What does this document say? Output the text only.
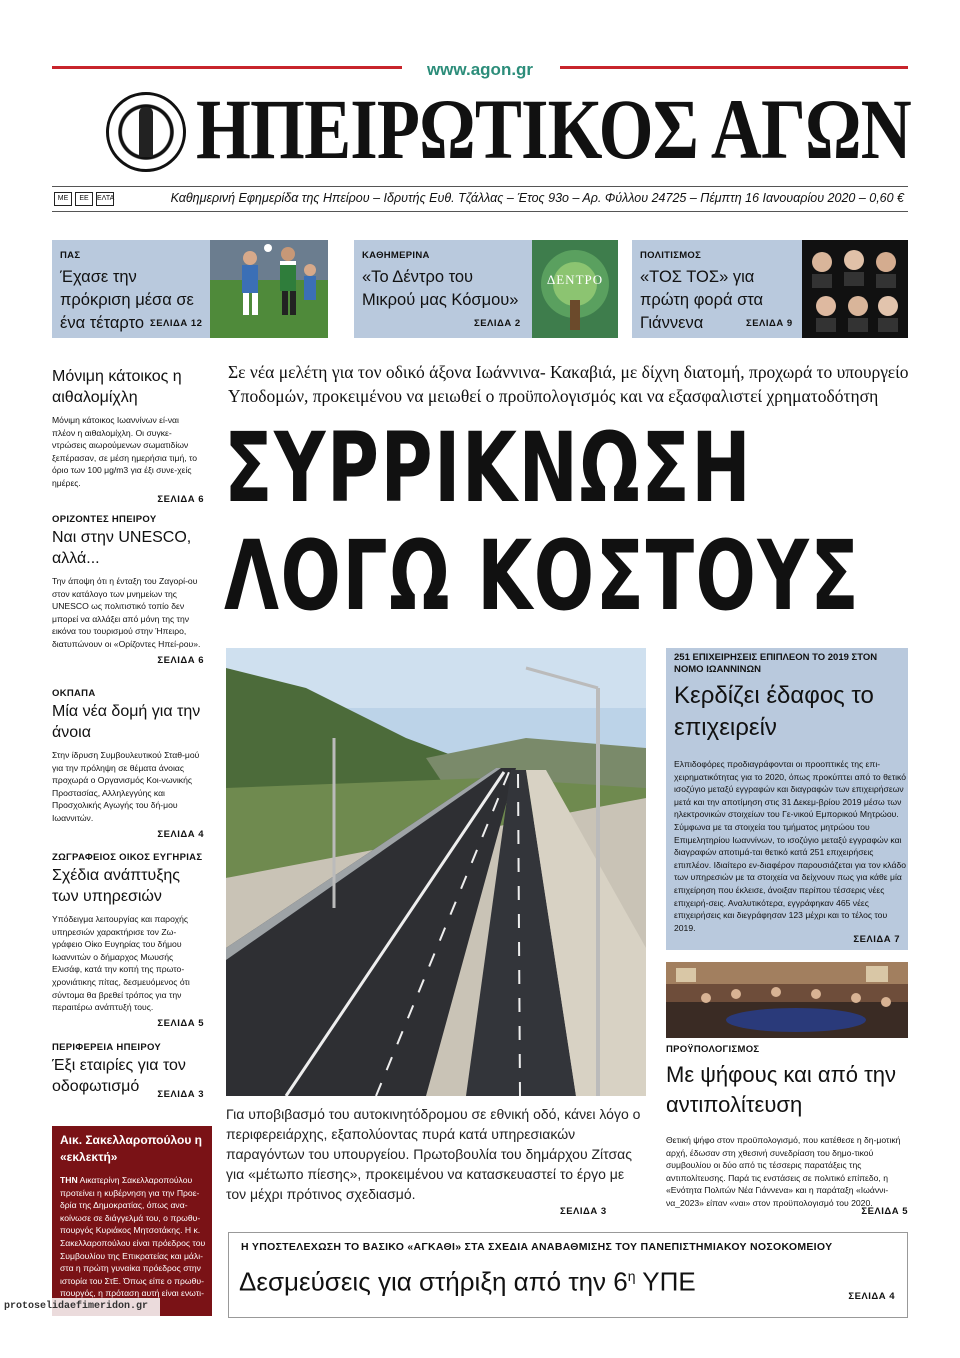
www.agon.gr
ΗΠΕΙΡΩΤΙΚΟΣ ΑΓΩΝ
ΜΕ	ΕΕ	ΕΛΤΑ	Καθημερινή Εφημερίδα της Ηπείρου – Ιδρυτής Ευθ. Τζάλλας – Έτος 93ο – Αρ. Φύλλου 24725 – Πέμπτη 16 Ιανουαρίου 2020 – 0,60 €
ΠΑΣ
Έχασε την πρόκριση μέσα σε ένα τέταρτο ΣΕΛΙΔΑ 12
ΚΑΘΗΜΕΡΙΝΑ
«Το Δέντρο του Μικρού μας Κόσμου»
ΣΕΛΙΔΑ 2
ΔΕΝΤΡΟ
ΠΟΛΙΤΙΣΜΟΣ
«ΤΟΣ ΤΟΣ» για πρώτη φορά στα Γιάννενα	ΣΕΛΙΔΑ 9
Μόνιμη κάτοικος η αιθαλομίχλη
Μόνιμη κάτοικος Ιωαννίνων εί-ναι πλέον η αιθαλομίχλη. Οι συγκε-ντρώσεις αιωρούμενων σωματιδίων ξεπέρασαν, σε μέση ημερήσια τιμή, το όριο των 100 μg/m3 για έξι συνε-χείς ημέρες.
ΣΕΛΙΔΑ 6
ΟΡΙΖΟΝΤΕΣ ΗΠΕΙΡΟΥ
Ναι στην UNESCO, αλλά...
Την άποψη ότι η ένταξη του Ζαγορί-ου στον κατάλογο των μνημείων της UNESCO ως πολιτιστικό τοπίο δεν μπορεί να αλλάξει από μόνη της την εικόνα του τουρισμού στην Ήπειρο, διατυπώνουν οι «Ορίζοντες Ηπεί-ρου».
ΣΕΛΙΔΑ 6
ΟΚΠΑΠΑ
Μία νέα δομή για την άνοια
Στην ίδρυση Συμβουλευτικού Σταθ-μού για την πρόληψη σε θέματα άνοιας προχωρά ο Οργανισμός Κοι-νωνικής Προστασίας, Αλληλεγγύης και Προσχολικής Αγωγής του δή-μου Ιωαννιτών.
ΣΕΛΙΔΑ 4
ΖΩΓΡΑΦΕΙΟΣ ΟΙΚΟΣ ΕΥΓΗΡΙΑΣ
Σχέδια ανάπτυξης των υπηρεσιών
Υπόδειγμα λειτουργίας και παροχής υπηρεσιών χαρακτήρισε τον Ζω-γράφειο Οίκο Ευγηρίας του δήμου Ιωαννιτών ο δήμαρχος Μωυσής Ελισάφ, κατά την κοπή της πρωτο-χρονιάτικης πίτας, δεσμευόμενος ότι σύντομα θα βρεθεί τρόπος για την περαιτέρω ανάπτυξή τους.
ΣΕΛΙΔΑ 5
ΠΕΡΙΦΕΡΕΙΑ ΗΠΕΙΡΟΥ
Έξι εταιρίες για τον οδοφωτισμό	ΣΕΛΙΔΑ 3
Σε νέα μελέτη για τον οδικό άξονα Ιωάννινα- Κακαβιά, με δίχνη διατομή, προχωρά το υπουργείο Υποδομών, προκειμένου να μειωθεί ο προϋπολογισμός και να εξασφαλιστεί χρηματοδότηση
ΣΥΡΡΙΚΝΩΣΗ
ΛΟΓΩ ΚΟΣΤΟΥΣ
Για υποβιβασμό του αυτοκινητόδρομου σε εθνική οδό, κάνει λόγο ο περιφερειάρχης, εξαπολύοντας πυρά κατά υπηρεσιακών παραγόντων του υπουργείου. Πρωτοβουλία του δημάρχου Ζίτσας για «μέτωπο πίεσης», προκειμένου να κατασκευαστεί το έργο με τον μέχρι πρότινος σχεδιασμό.
ΣΕΛΙΔΑ 3
251 ΕΠΙΧΕΙΡΗΣΕΙΣ ΕΠΙΠΛΕΟΝ ΤΟ 2019 ΣΤΟΝ ΝΟΜΟ ΙΩΑΝΝΙΝΩΝ
Κερδίζει έδαφος το επιχειρείν
Ελπιδοφόρες προδιαγράφονται οι προοπτικές της επι-χειρηματικότητας για το 2020, όπως προκύπτει από το θετικό ισοζύγιο μεταξύ εγγραφών και διαγραφών των επιχειρήσεων μετά και την αποτίμηση στις 31 Δεκεμ-βρίου 2019 μέσω των ηλεκτρονικών στοιχείων του Γε-νικού Εμπορικού Μητρώου. Σύμφωνα με τα στοιχεία του τμήματος μητρώου του Επιμελητηρίου Ιωαννίνων, το ισοζύγιο μεταξύ εγγραφών και διαγραφών αποτιμά-ται θετικό κατά 251 επιχειρήσεις επιπλέον. Ιδιαίτερο εν-διαφέρον παρουσιάζεται για τον κλάδο των υπηρεσιών με τα στοιχεία να δείχνουν πως για κάθε μία επιχείρηση που έκλεισε, άνοιξαν περίπου τέσσερις νέες επιχειρή-σεις. Αναλυτικότερα, εγγράφηκαν 465 νέες επιχειρήσεις και διεγράφησαν 123 μέχρι και το τέλος του 2019.
ΣΕΛΙΔΑ 7
ΠΡΟΫΠΟΛΟΓΙΣΜΟΣ
Με ψήφους και από την αντιπολίτευση
Θετική ψήφο στον προϋπολογισμό, που κατέθεσε η δη-μοτική αρχή, έδωσαν στη χθεσινή συνεδρίαση του δημο-τικού συμβουλίου οι δύο από τις τέσσερις παρατάξεις της αντιπολίτευσης. Παρά τις ενστάσεις σε πολιτικό επίπεδο, η «Ενότητα Πολιτών Νέα Γιάννενα» και η παράταξη «Ιωάννι-να_2023» είπαν «ναι» στον προϋπολογισμό του 2020.
ΣΕΛΙΔΑ 5
Αικ. Σακελλαροπούλου η «εκλεκτή»
ΤΗΝ Αικατερίνη Σακελλαροπούλου προτείνει η κυβέρνηση για την Προε-δρία της Δημοκρατίας, όπως ανα-κοίνωσε σε διάγγελμά του, ο πρωθυ-πουργός Κυριάκος Μητσοτάκης. Η κ. Σακελλαροπούλου είναι πρόεδρος του Συμβουλίου της Επικρατείας και μάλι-στα η πρώτη γυναίκα πρόεδρος στην ιστορία του ΣτΕ. Όπως είπε ο πρωθυ-πουργός, η πρόταση αυτή είναι ενωτι-
Η ΥΠΟΣΤΕΛΕΧΩΣΗ ΤΟ ΒΑΣΙΚΟ «ΑΓΚΑΘΙ» ΣΤΑ ΣΧΕΔΙΑ ΑΝΑΒΑΘΜΙΣΗΣ ΤΟΥ ΠΑΝΕΠΙΣΤΗΜΙΑΚΟΥ ΝΟΣΟΚΟΜΕΙΟΥ
Δεσμεύσεις για στήριξη από την $6^\eta$ ΥΠΕ	ΣΕΛΙΔΑ 4
protoselidaefimeridon.gr
